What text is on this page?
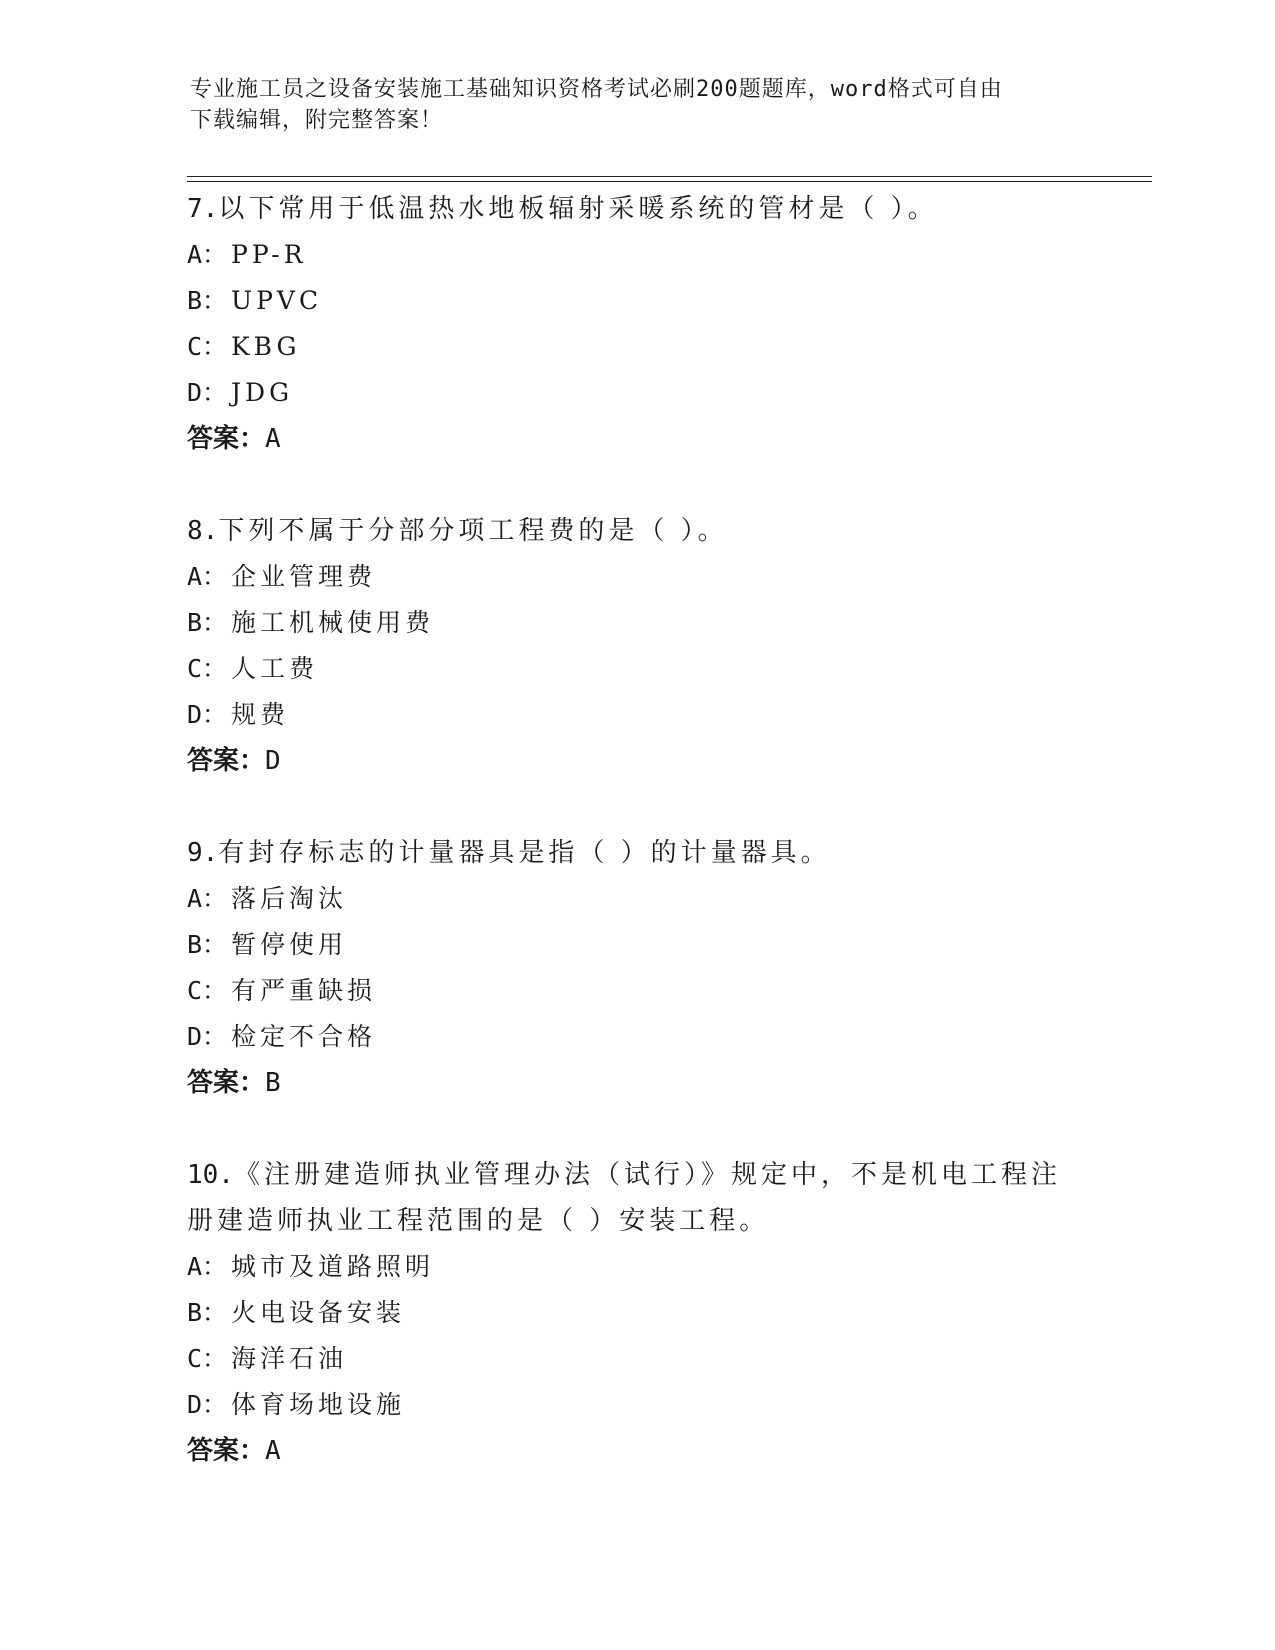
专业施工员之设备安装施工基础知识资格考试必刷200题题库，word格式可自由
下载编辑，附完整答案！

7.以下常用于低温热水地板辐射采暖系统的管材是（ ）。

A： PP-R
B： UPVC
C： KBG
D： JDG
答案：A

8.下列不属于分部分项工程费的是（ ）。

A： 企业管理费
B： 施工机械使用费
C： 人工费
D： 规费
答案：D

9.有封存标志的计量器具是指（ ）的计量器具。

A： 落后淘汰
B： 暂停使用
C： 有严重缺损
D： 检定不合格
答案：B

10.《注册建造师执业管理办法（试行）》规定中，不是机电工程注册建造师执业工程范围的是（ ）安装工程。

A： 城市及道路照明
B： 火电设备安装
C： 海洋石油
D： 体育场地设施
答案：A
